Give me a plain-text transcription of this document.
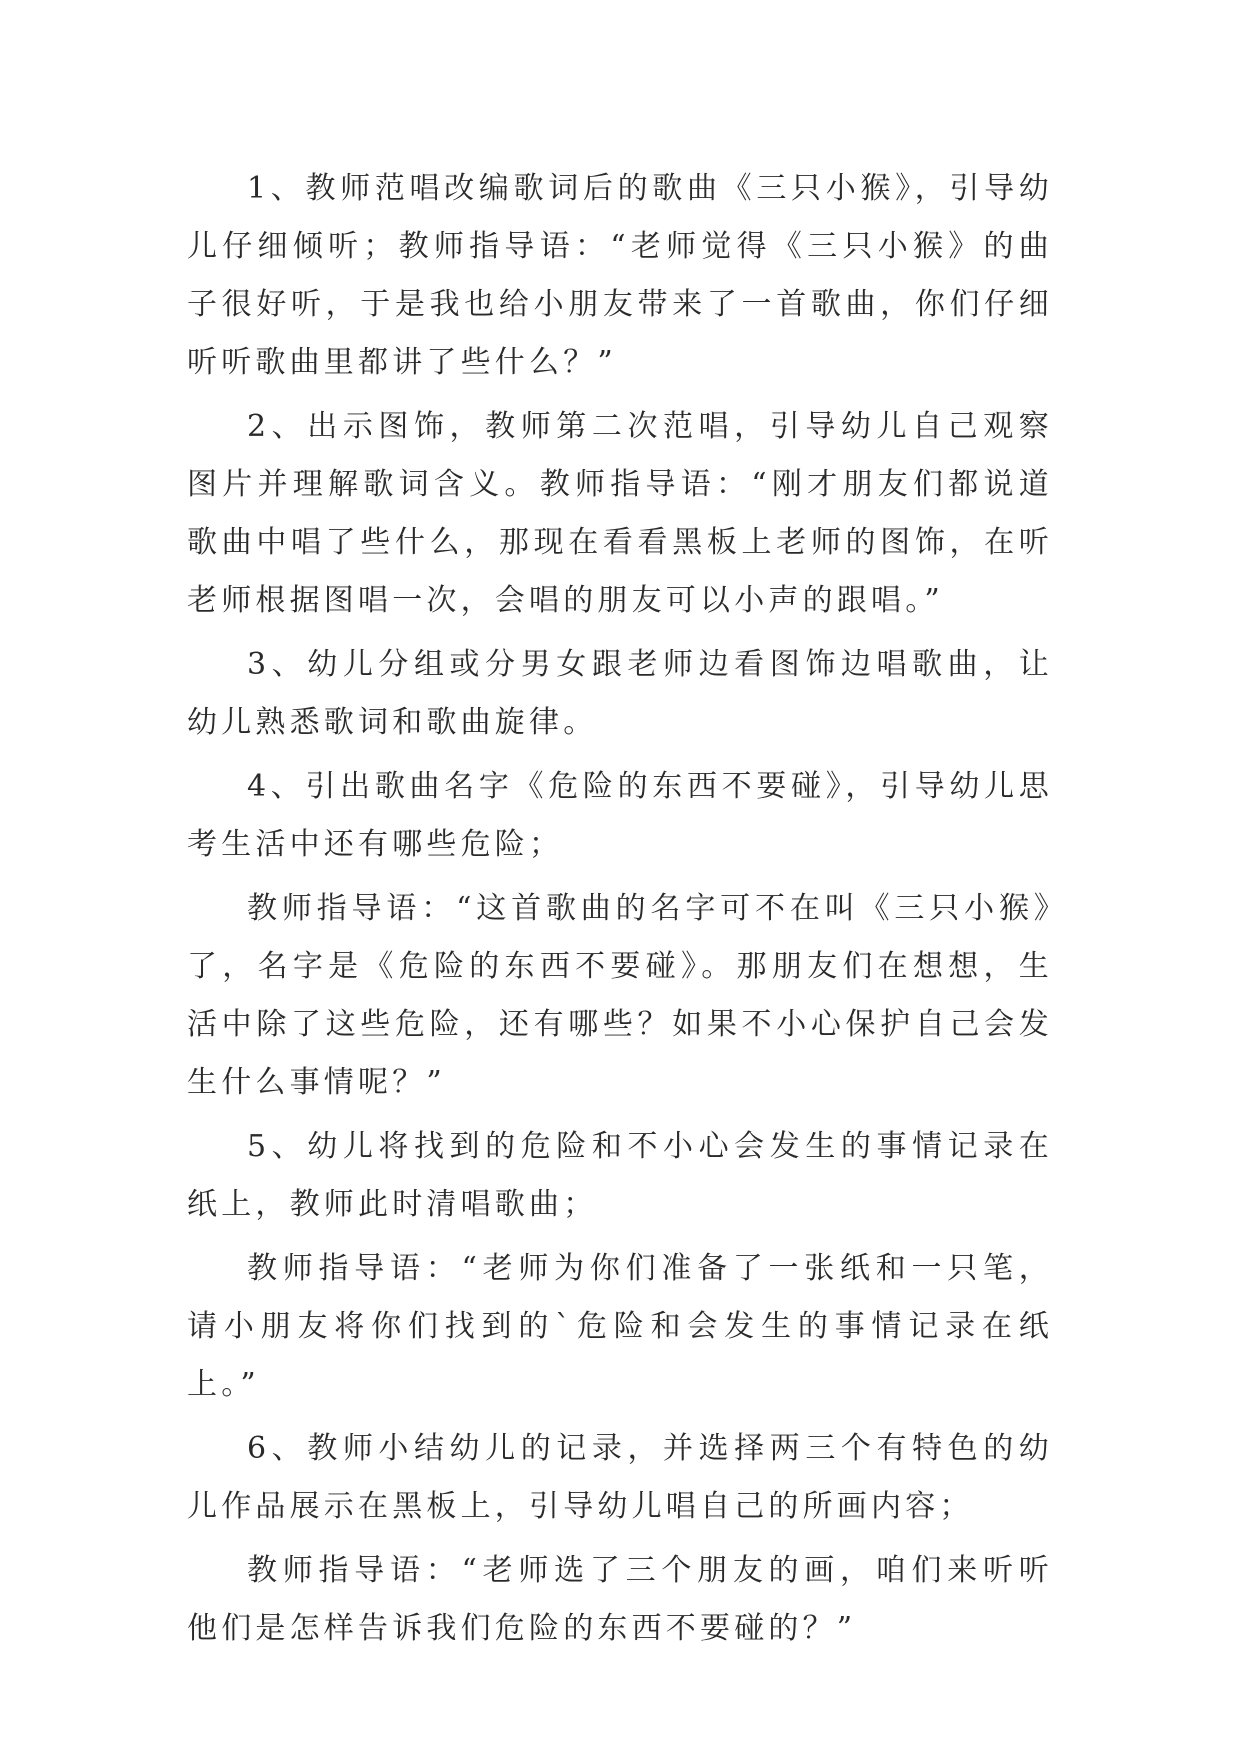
1、教师范唱改编歌词后的歌曲《三只小猴》，引导幼儿仔细倾听；教师指导语：“老师觉得《三只小猴》的曲子很好听，于是我也给小朋友带来了一首歌曲，你们仔细听听歌曲里都讲了些什么？”

2、出示图饰，教师第二次范唱，引导幼儿自己观察图片并理解歌词含义。教师指导语：“刚才朋友们都说道歌曲中唱了些什么，那现在看看黑板上老师的图饰，在听老师根据图唱一次，会唱的朋友可以小声的跟唱。”

3、幼儿分组或分男女跟老师边看图饰边唱歌曲，让幼儿熟悉歌词和歌曲旋律。

4、引出歌曲名字《危险的东西不要碰》，引导幼儿思考生活中还有哪些危险；

教师指导语：“这首歌曲的名字可不在叫《三只小猴》了，名字是《危险的东西不要碰》。那朋友们在想想，生活中除了这些危险，还有哪些？如果不小心保护自己会发生什么事情呢？”

5、幼儿将找到的危险和不小心会发生的事情记录在纸上，教师此时清唱歌曲；

教师指导语：“老师为你们准备了一张纸和一只笔，请小朋友将你们找到的`危险和会发生的事情记录在纸上。”

6、教师小结幼儿的记录，并选择两三个有特色的幼儿作品展示在黑板上，引导幼儿唱自己的所画内容；

教师指导语：“老师选了三个朋友的画，咱们来听听他们是怎样告诉我们危险的东西不要碰的？”
